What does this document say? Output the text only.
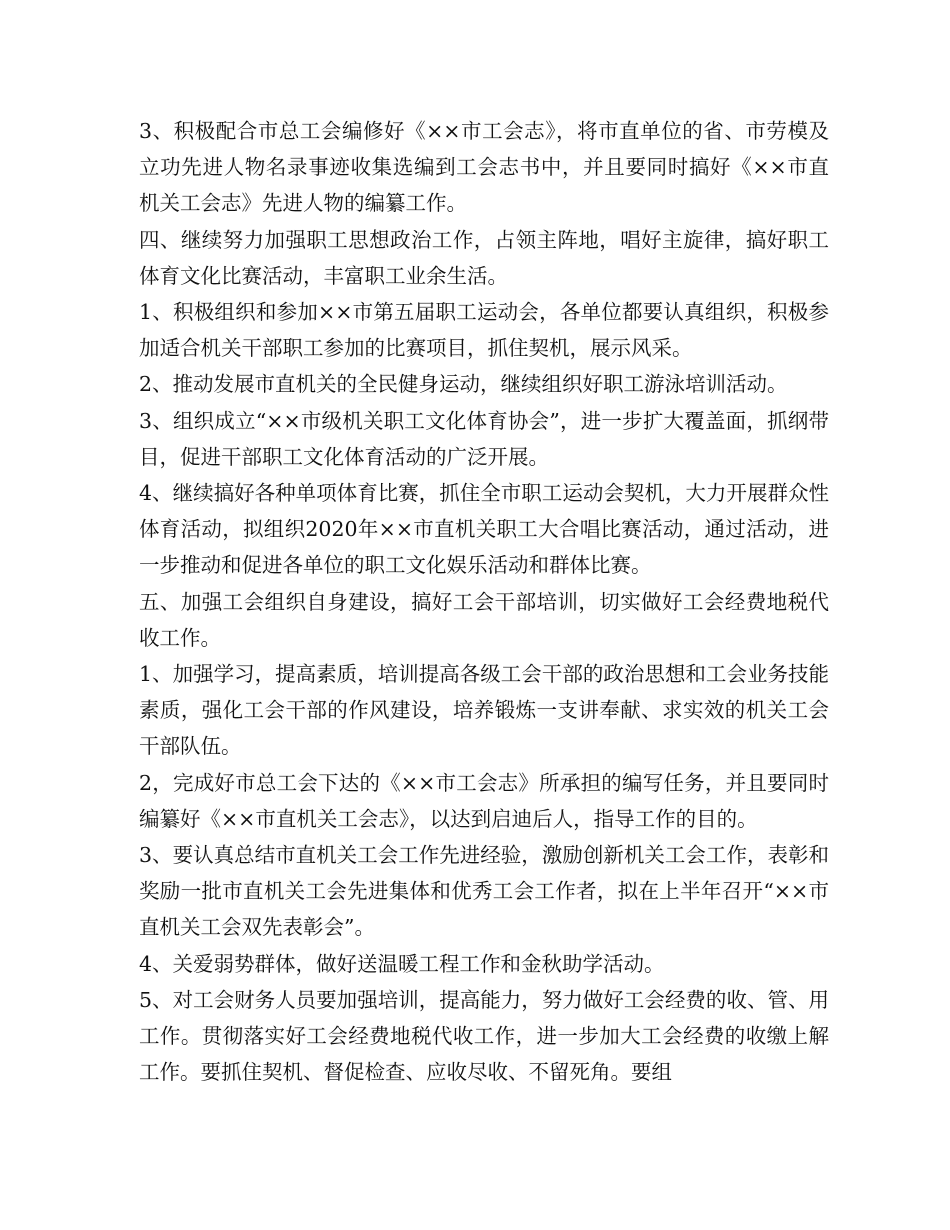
3、积极配合市总工会编修好《××市工会志》，将市直单位的省、市劳模及立功先进人物名录事迹收集选编到工会志书中，并且要同时搞好《××市直机关工会志》先进人物的编纂工作。

四、继续努力加强职工思想政治工作，占领主阵地，唱好主旋律，搞好职工体育文化比赛活动，丰富职工业余生活。

1、积极组织和参加××市第五届职工运动会，各单位都要认真组织，积极参加适合机关干部职工参加的比赛项目，抓住契机，展示风采。

2、推动发展市直机关的全民健身运动，继续组织好职工游泳培训活动。

3、组织成立“××市级机关职工文化体育协会”，进一步扩大覆盖面，抓纲带目，促进干部职工文化体育活动的广泛开展。

4、继续搞好各种单项体育比赛，抓住全市职工运动会契机，大力开展群众性体育活动，拟组织2020年××市直机关职工大合唱比赛活动，通过活动，进一步推动和促进各单位的职工文化娱乐活动和群体比赛。

五、加强工会组织自身建设，搞好工会干部培训，切实做好工会经费地税代收工作。

1、加强学习，提高素质，培训提高各级工会干部的政治思想和工会业务技能素质，强化工会干部的作风建设，培养锻炼一支讲奉献、求实效的机关工会干部队伍。

2，完成好市总工会下达的《××市工会志》所承担的编写任务，并且要同时编纂好《××市直机关工会志》，以达到启迪后人，指导工作的目的。

3、要认真总结市直机关工会工作先进经验，激励创新机关工会工作，表彰和奖励一批市直机关工会先进集体和优秀工会工作者，拟在上半年召开“××市直机关工会双先表彰会”。

4、关爱弱势群体，做好送温暖工程工作和金秋助学活动。

5、对工会财务人员要加强培训，提高能力，努力做好工会经费的收、管、用工作。贯彻落实好工会经费地税代收工作，进一步加大工会经费的收缴上解工作。要抓住契机、督促检查、应收尽收、不留死角。要组
